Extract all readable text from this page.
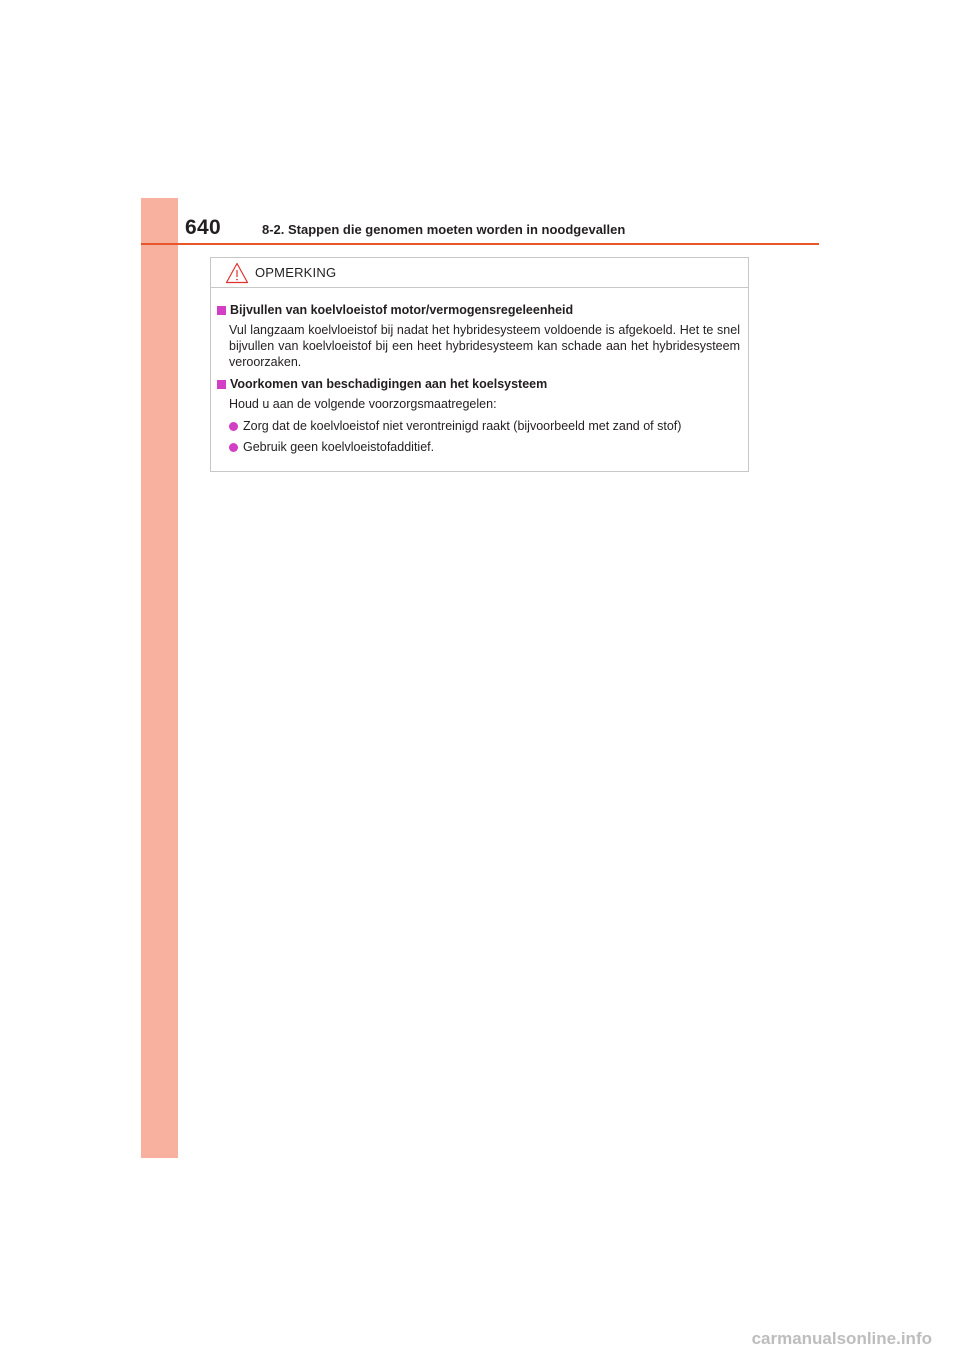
640	8-2. Stappen die genomen moeten worden in noodgevallen
OPMERKING
Bijvullen van koelvloeistof motor/vermogensregeleenheid
Vul langzaam koelvloeistof bij nadat het hybridesysteem voldoende is afgekoeld. Het te snel bijvullen van koelvloeistof bij een heet hybridesysteem kan schade aan het hybridesysteem veroorzaken.
Voorkomen van beschadigingen aan het koelsysteem
Houd u aan de volgende voorzorgsmaatregelen:
Zorg dat de koelvloeistof niet verontreinigd raakt (bijvoorbeeld met zand of stof)
Gebruik geen koelvloeistofadditief.
carmanualsonline.info
